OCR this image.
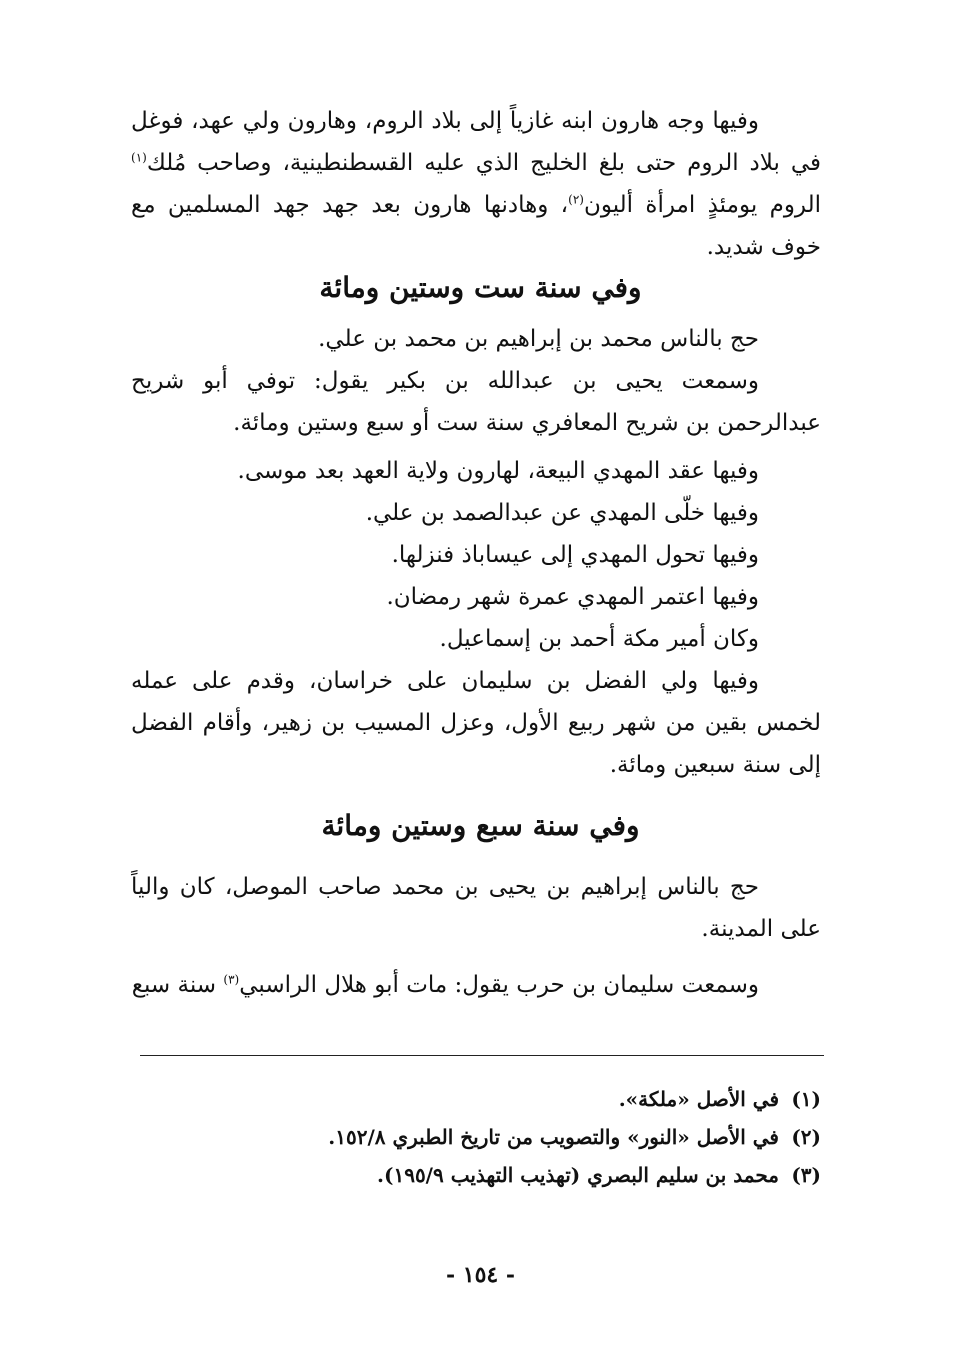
وفيها وجه هارون ابنه غازياً إلى بلاد الروم، وهارون ولي عهد، فوغل في بلاد الروم حتى بلغ الخليج الذي عليه القسطنطينية، وصاحب مُلك$^{(١)}$ الروم يومئذٍ امرأة أليون$^{(٢)}$، وهادنها هارون بعد جهد جهد المسلمين مع خوف شديد.

وفي سنة ست وستين ومائة

حج بالناس محمد بن إبراهيم بن محمد بن علي.

وسمعت يحيى بن عبدالله بن بكير يقول: توفي أبو شريح عبدالرحمن بن شريح المعافري سنة ست أو سبع وستين ومائة.

وفيها عقد المهدي البيعة، لهارون ولاية العهد بعد موسى.

وفيها خلّى المهدي عن عبدالصمد بن علي.

وفيها تحول المهدي إلى عيساباذ فنزلها.

وفيها اعتمر المهدي عمرة شهر رمضان.

وكان أمير مكة أحمد بن إسماعيل.

وفيها ولي الفضل بن سليمان على خراسان، وقدم على عمله لخمس بقين من شهر ربيع الأول، وعزل المسيب بن زهير، وأقام الفضل إلى سنة سبعين ومائة.

وفي سنة سبع وستين ومائة

حج بالناس إبراهيم بن يحيى بن محمد صاحب الموصل، كان والياً على المدينة.

وسمعت سليمان بن حرب يقول: مات أبو هلال الراسبي$^{(٣)}$ سنة سبع

(١)في الأصل «ملكة».

(٢)في الأصل «النور» والتصويب من تاريخ الطبري ١٥٢/٨.

(٣)محمد بن سليم البصري (تهذيب التهذيب ١٩٥/٩).

- ١٥٤ -
